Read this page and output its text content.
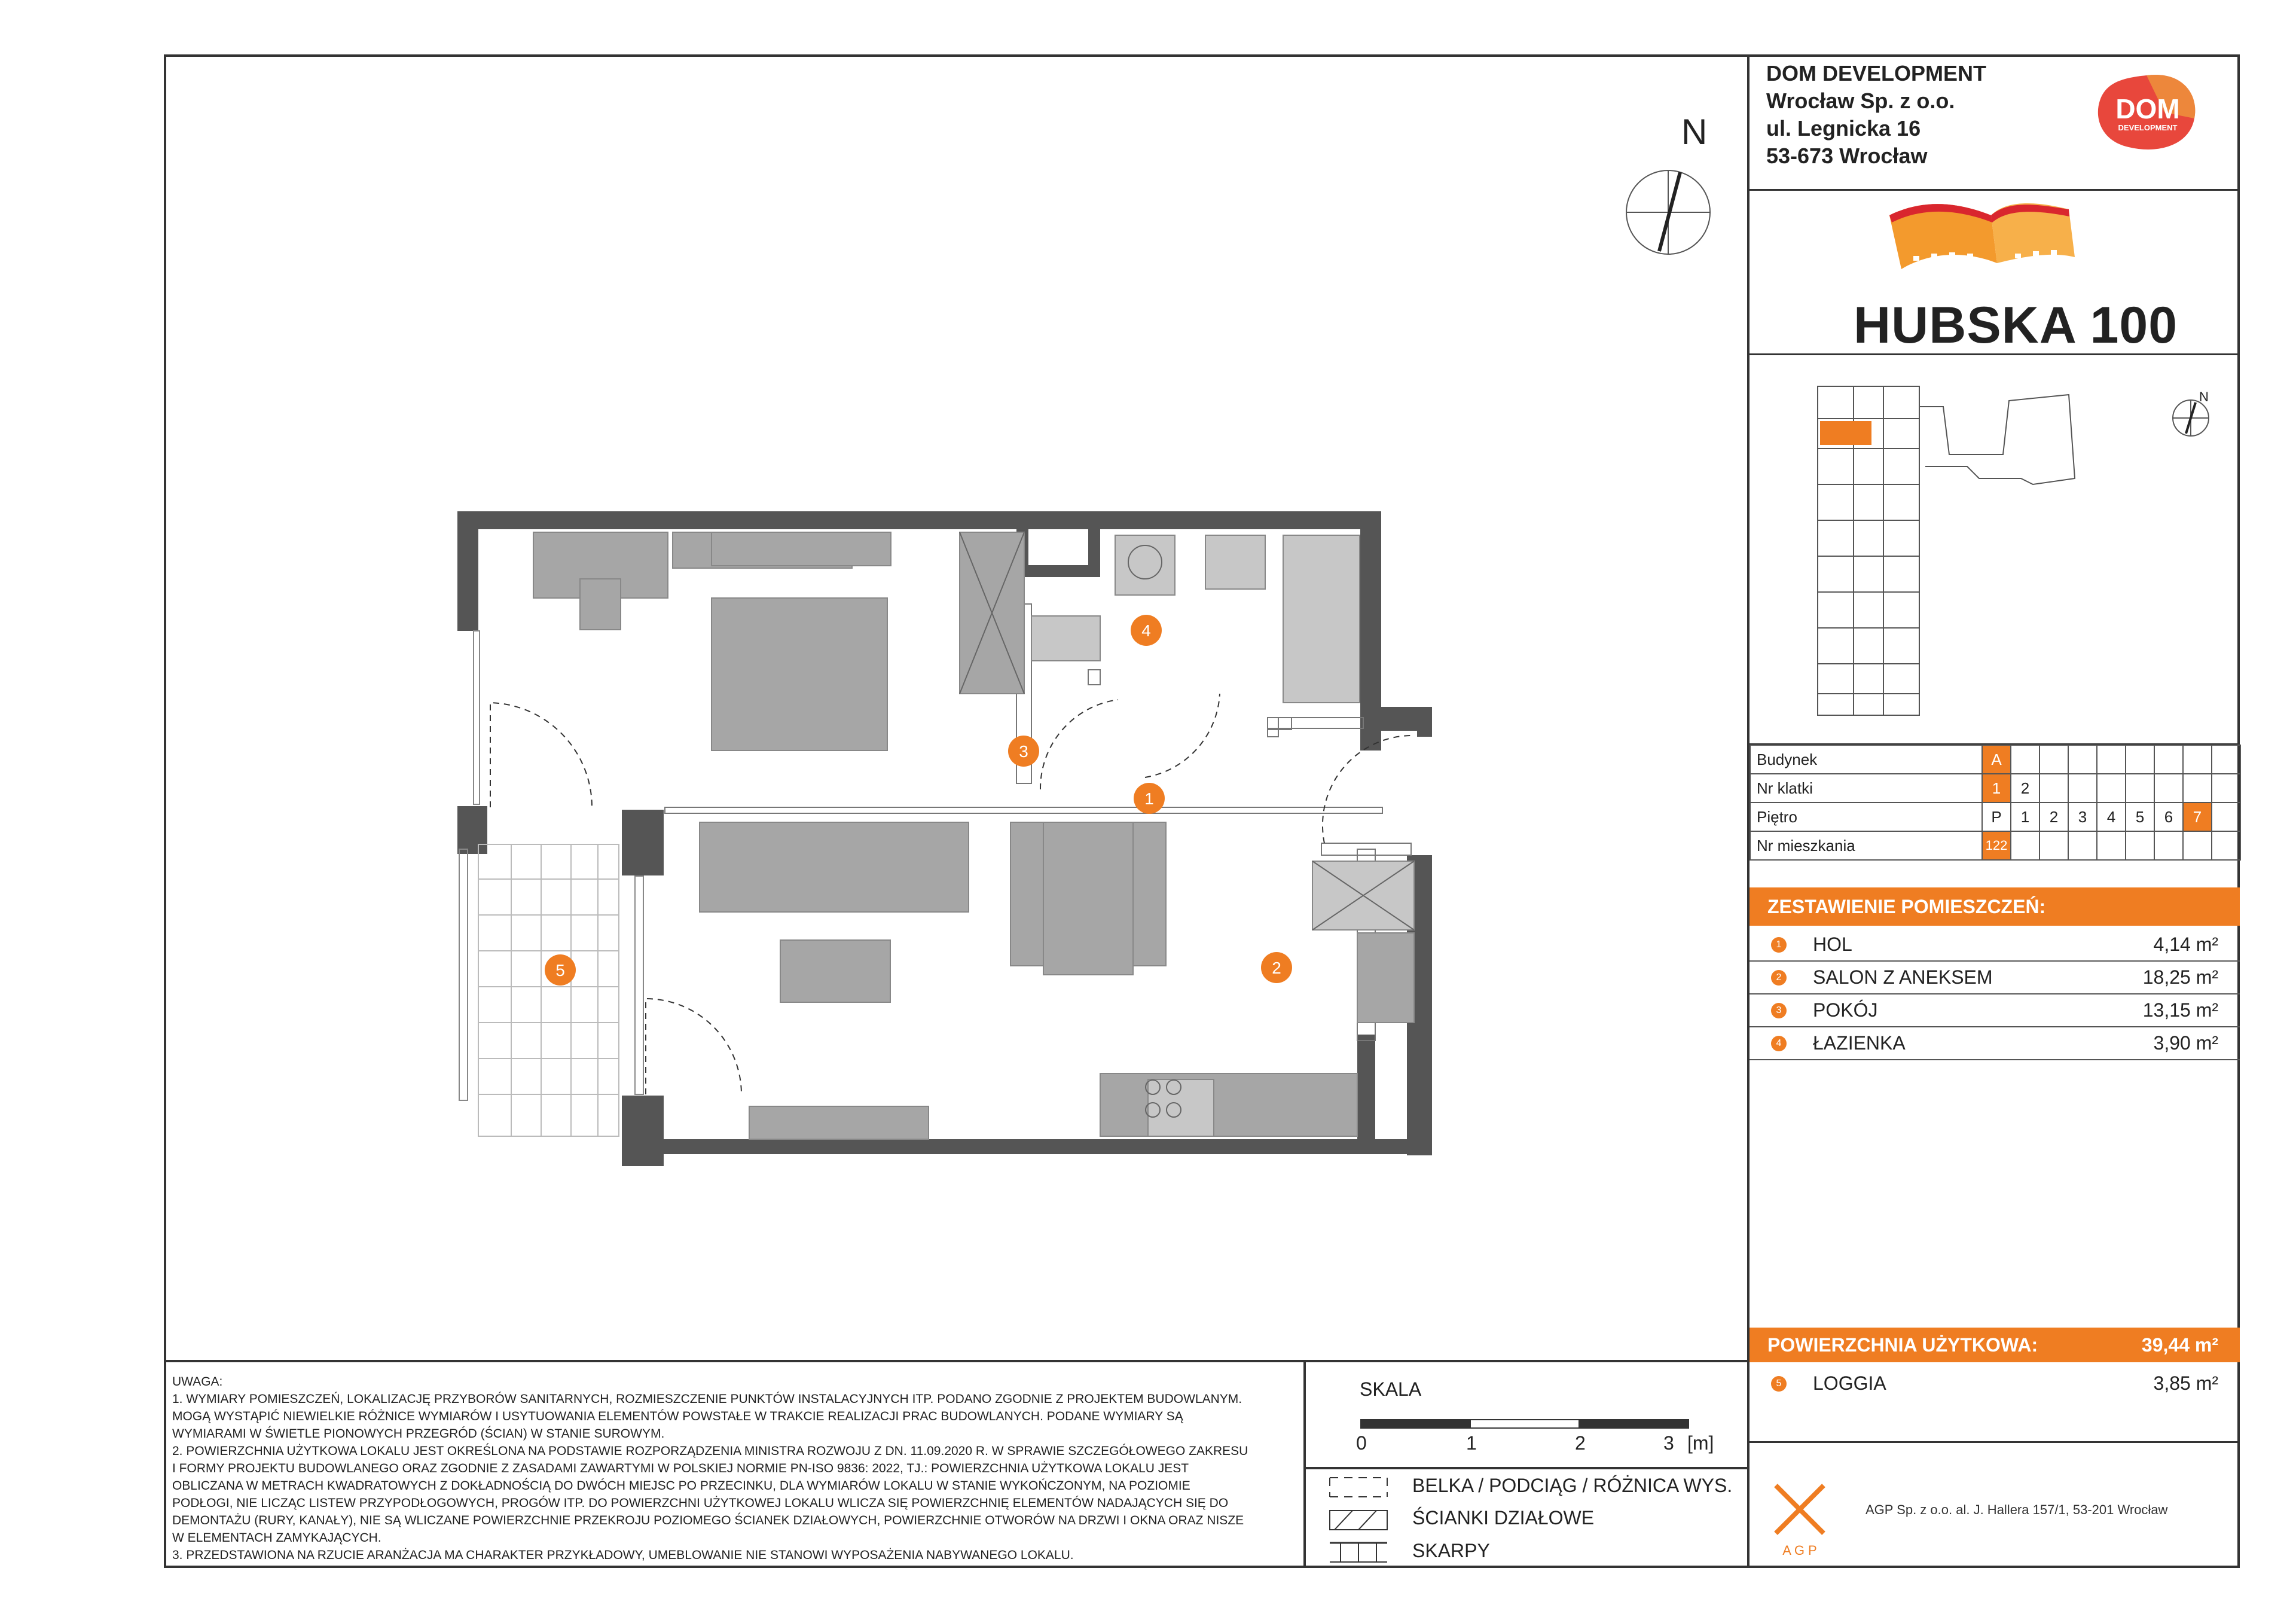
DOM DEVELOPMENT
Wrocław Sp. z o.o.
ul. Legnicka 16
53-673 Wrocław
DOM
DEVELOPMENT
HUBSKA 100
N
Budynek	A								
Nr klatki	1	2							
Piętro	P	1	2	3	4	5	6	7	
Nr mieszkania	122								
ZESTAWIENIE POMIESZCZEŃ:
1 HOL	4,14 m²
2 SALON Z ANEKSEM	18,25 m²
3 POKÓJ	13,15 m²
4 ŁAZIENKA	3,90 m²
POWIERZCHNIA UŻYTKOWA:	39,44 m²
5 LOGGIA	3,85 m²
UWAGA:
1. WYMIARY POMIESZCZEŃ, LOKALIZACJĘ PRZYBORÓW SANITARNYCH, ROZMIESZCZENIE PUNKTÓW INSTALACYJNYCH ITP. PODANO ZGODNIE Z PROJEKTEM BUDOWLANYM.
MOGĄ WYSTĄPIĆ NIEWIELKIE RÓŻNICE WYMIARÓW I USYTUOWANIA ELEMENTÓW POWSTAŁE W TRAKCIE REALIZACJI PRAC BUDOWLANYCH. PODANE WYMIARY SĄ
WYMIARAMI W ŚWIETLE PIONOWYCH PRZEGRÓD (ŚCIAN) W STANIE SUROWYM.
2. POWIERZCHNIA UŻYTKOWA LOKALU JEST OKREŚLONA NA PODSTAWIE ROZPORZĄDZENIA MINISTRA ROZWOJU Z DN. 11.09.2020 R. W SPRAWIE SZCZEGÓŁOWEGO ZAKRESU
I FORMY PROJEKTU BUDOWLANEGO ORAZ ZGODNIE Z ZASADAMI ZAWARTYMI W POLSKIEJ NORMIE PN-ISO 9836: 2022, TJ.: POWIERZCHNIA UŻYTKOWA LOKALU JEST
OBLICZANA W METRACH KWADRATOWYCH Z DOKŁADNOŚCIĄ DO DWÓCH MIEJSC PO PRZECINKU, DLA WYMIARÓW LOKALU W STANIE WYKOŃCZONYM, NA POZIOMIE
PODŁOGI, NIE LICZĄC LISTEW PRZYPODŁOGOWYCH, PROGÓW ITP. DO POWIERZCHNI UŻYTKOWEJ LOKALU WLICZA SIĘ POWIERZCHNIĘ ELEMENTÓW NADAJĄCYCH SIĘ DO
DEMONTAŻU (RURY, KANAŁY), NIE SĄ WLICZANE POWIERZCHNIE PRZEKROJU POZIOMEGO ŚCIANEK DZIAŁOWYCH, POWIERZCHNIE OTWORÓW NA DRZWI I OKNA ORAZ NISZE
W ELEMENTACH ZAMYKAJĄCYCH.
3. PRZEDSTAWIONA NA RZUCIE ARANŻACJA MA CHARAKTER PRZYKŁADOWY, UMEBLOWANIE NIE STANOWI WYPOSAŻENIA NABYWANEGO LOKALU.
SKALA
0	1	2	3 [m]
BELKA / PODCIĄG / RÓŻNICA WYS.
ŚCIANKI DZIAŁOWE
SKARPY	A G P
AGP Sp. z o.o. al. J. Hallera 157/1, 53-201 Wrocław
N
1
2
3
4
5
